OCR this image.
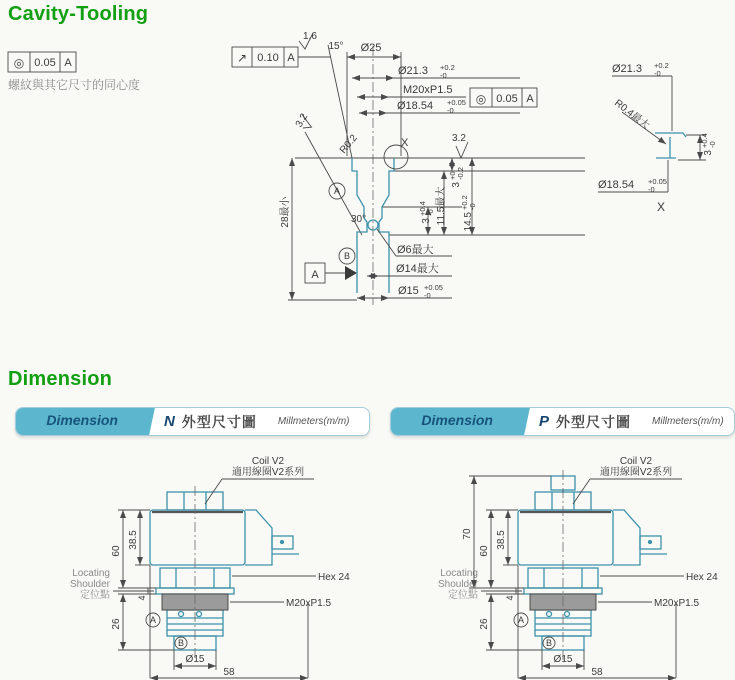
Cavity-Tooling
◎ 0.05 A
螺紋與其它尺寸的同心度
↗ 0.10 A
1.6
3.2
3.2
X
A
B
A
15° Ø25
Ø21.3 +0.2
-0
M20xP1.5
◎ 0.05 A
Ø18.54 +0.05
-0
R0.2
3
+0 -0.2
3
+0.4 -0 11.5最大 14.5
+0.2 -0
28最小	30°
Ø6最大
Ø14最大
Ø15 +0.05
-0
Ø21.3 +0.2
-0
R0.4最大
3
+0.4 -0
Ø18.54 +0.05
-0
X
Dimension
Dimension	N 外型尺寸圖 Millmeters(m/m)	Dimension	P 外型尺寸圖 Millmeters(m/m)
Coil V2
適用線圈V2系列
Hex 24
M20xP1.5
Locating
Shoulder
定位點
60
38.5
4
26	A
B
Ø15
58
Coil V2
適用線圈V2系列
Hex 24
M20xP1.5
Locating
Shoulder
定位點
70
60
38.5
4
26	A
B
Ø15
58
